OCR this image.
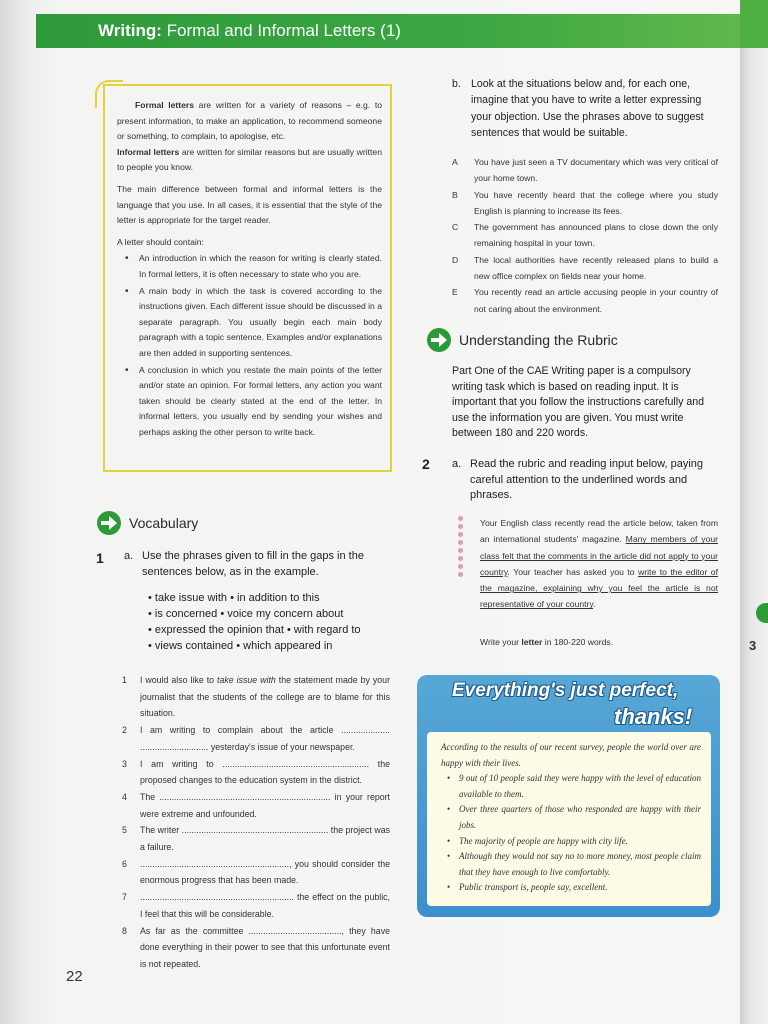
Writing: Formal and Informal Letters (1)

Formal letters are written for a variety of reasons – e.g. to present information, to make an application, to recommend someone or something, to complain, to apologise, etc.

Informal letters are written for similar reasons but are usually written to people you know.

The main difference between formal and informal letters is the language that you use. In all cases, it is essential that the style of the letter is appropriate for the target reader.

A letter should contain:

• An introduction in which the reason for writing is clearly stated. In formal letters, it is often necessary to state who you are.
• A main body in which the task is covered according to the instructions given. Each different issue should be discussed in a separate paragraph. You usually begin each main body paragraph with a topic sentence. Examples and/or explanations are then added in supporting sentences.
• A conclusion in which you restate the main points of the letter and/or state an opinion. For formal letters, any action you want taken should be clearly stated at the end of the letter. In informal letters, you usually end by sending your wishes and perhaps asking the other person to write back.
Vocabulary
1 a. Use the phrases given to fill in the gaps in the sentences below, as in the example.
• take issue with • in addition to this
• is concerned • voice my concern about
• expressed the opinion that • with regard to
• views contained • which appeared in
1 I would also like to take issue with the statement made by your journalist that the students of the college are to blame for this situation.
2 I am writing to complain about the article .................... ............................ yesterday's issue of your newspaper.
3 I am writing to ............................................................ the proposed changes to the education system in the district.
4 The ...................................................................... in your report were extreme and unfounded.
5 The writer ............................................................ the project was a failure.
6 ............................................................., you should consider the enormous progress that has been made.
7 ............................................................... the effect on the public, I feel that this will be considerable.
8 As far as the committee ......................................, they have done everything in their power to see that this unfortunate event is not repeated.
22
b. Look at the situations below and, for each one, imagine that you have to write a letter expressing your objection. Use the phrases above to suggest sentences that would be suitable.
A You have just seen a TV documentary which was very critical of your home town.
B You have recently heard that the college where you study English is planning to increase its fees.
C The government has announced plans to close down the only remaining hospital in your town.
D The local authorities have recently released plans to build a new office complex on fields near your home.
E You recently read an article accusing people in your country of not caring about the environment.
Understanding the Rubric
Part One of the CAE Writing paper is a compulsory writing task which is based on reading input. It is important that you follow the instructions carefully and use the information you are given. You must write between 180 and 220 words.
2 a. Read the rubric and reading input below, paying careful attention to the underlined words and phrases.
Your English class recently read the article below, taken from an international students' magazine. Many members of your class felt that the comments in the article did not apply to your country. Your teacher has asked you to write to the editor of the magazine, explaining why you feel the article is not representative of your country.
Write your letter in 180-220 words.
Everything's just perfect,
thanks!

According to the results of our recent survey, people the world over are happy with their lives.

• 9 out of 10 people said they were happy with the level of education available to them.
• Over three quarters of those who responded are happy with their jobs.
• The majority of people are happy with city life.
• Although they would not say no to more money, most people claim that they have enough to live comfortably.
• Public transport is, people say, excellent.
3
